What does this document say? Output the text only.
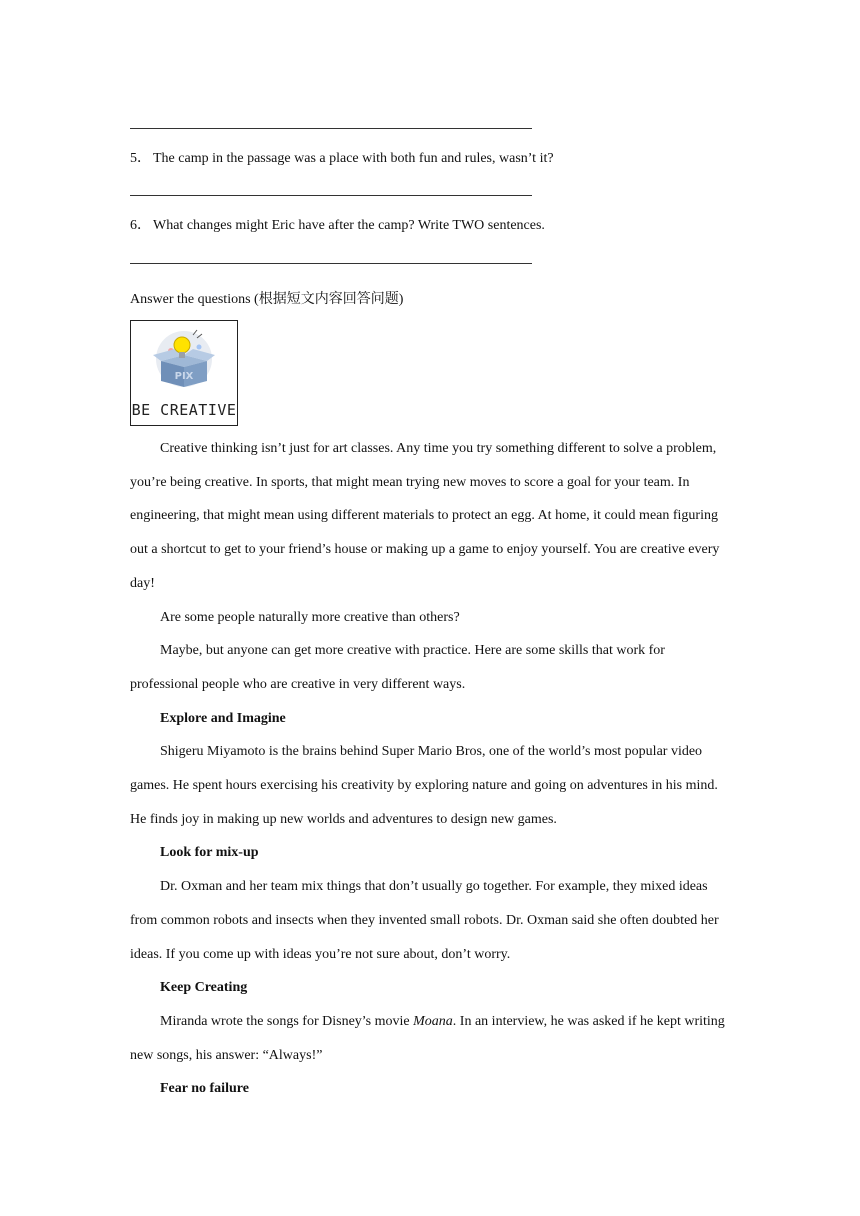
5． The camp in the passage was a place with both fun and rules, wasn’t it?
6． What changes might Eric have after the camp? Write TWO sentences.
Answer the questions (根据短文内容回答问题)
PIX
BE CREATIVE

Creative thinking isn’t just for art classes. Any time you try something different to solve a problem, you’re being creative. In sports, that might mean trying new moves to score a goal for your team. In engineering, that might mean using different materials to protect an egg. At home, it could mean figuring out a shortcut to get to your friend’s house or making up a game to enjoy yourself. You are creative every day!

Are some people naturally more creative than others?

Maybe, but anyone can get more creative with practice. Here are some skills that work for professional people who are creative in very different ways.

Explore and Imagine

Shigeru Miyamoto is the brains behind Super Mario Bros, one of the world’s most popular video games. He spent hours exercising his creativity by exploring nature and going on adventures in his mind. He finds joy in making up new worlds and adventures to design new games.

Look for mix-up

Dr. Oxman and her team mix things that don’t usually go together. For example, they mixed ideas from common robots and insects when they invented small robots. Dr. Oxman said she often doubted her ideas. If you come up with ideas you’re not sure about, don’t worry.

Keep Creating

Miranda wrote the songs for Disney’s movie Moana. In an interview, he was asked if he kept writing new songs, his answer: “Always!”

Fear no failure
